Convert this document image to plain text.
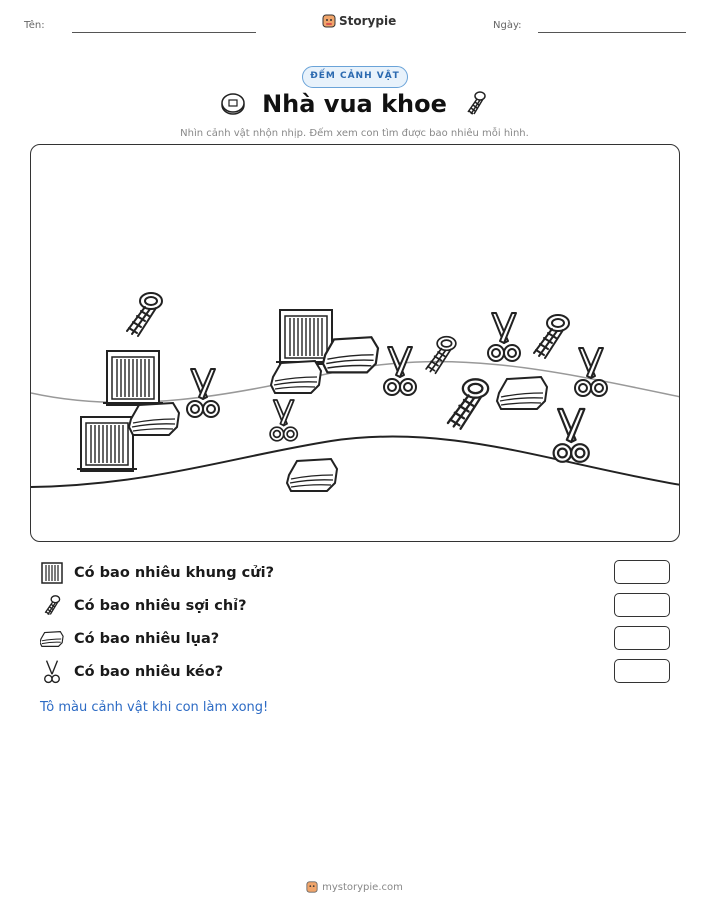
Tên:	Storypie	Ngày:
ĐẾM CẢNH VẬT
Nhà vua khoe
Nhìn cảnh vật nhộn nhịp. Đếm xem con tìm được bao nhiêu mỗi hình.
Có bao nhiêu khung cửi?
Có bao nhiêu sợi chỉ?
Có bao nhiêu lụa?
Có bao nhiêu kéo?
Tô màu cảnh vật khi con làm xong!
mystorypie.com
